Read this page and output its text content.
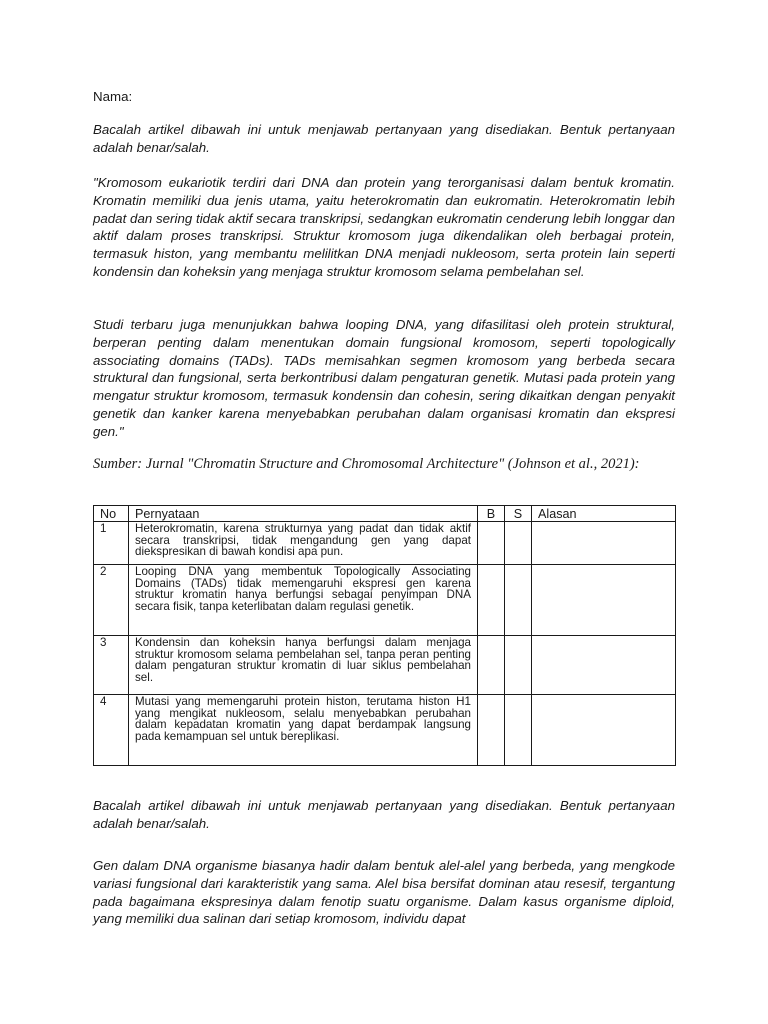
Nama:
Bacalah artikel dibawah ini untuk menjawab pertanyaan yang disediakan. Bentuk pertanyaan adalah benar/salah.
"Kromosom eukariotik terdiri dari DNA dan protein yang terorganisasi dalam bentuk kromatin. Kromatin memiliki dua jenis utama, yaitu heterokromatin dan eukromatin. Heterokromatin lebih padat dan sering tidak aktif secara transkripsi, sedangkan eukromatin cenderung lebih longgar dan aktif dalam proses transkripsi. Struktur kromosom juga dikendalikan oleh berbagai protein, termasuk histon, yang membantu melilitkan DNA menjadi nukleosom, serta protein lain seperti kondensin dan koheksin yang menjaga struktur kromosom selama pembelahan sel.
Studi terbaru juga menunjukkan bahwa looping DNA, yang difasilitasi oleh protein struktural, berperan penting dalam menentukan domain fungsional kromosom, seperti topologically associating domains (TADs). TADs memisahkan segmen kromosom yang berbeda secara struktural dan fungsional, serta berkontribusi dalam pengaturan genetik. Mutasi pada protein yang mengatur struktur kromosom, termasuk kondensin dan cohesin, sering dikaitkan dengan penyakit genetik dan kanker karena menyebabkan perubahan dalam organisasi kromatin dan ekspresi gen."
Sumber: Jurnal "Chromatin Structure and Chromosomal Architecture" (Johnson et al., 2021):
No	Pernyataan	B	S	Alasan
1	Heterokromatin, karena strukturnya yang padat dan tidak aktif secara transkripsi, tidak mengandung gen yang dapat diekspresikan di bawah kondisi apa pun.			
2	Looping DNA yang membentuk Topologically Associating Domains (TADs) tidak memengaruhi ekspresi gen karena struktur kromatin hanya berfungsi sebagai penyimpan DNA secara fisik, tanpa keterlibatan dalam regulasi genetik.			
3	Kondensin dan koheksin hanya berfungsi dalam menjaga struktur kromosom selama pembelahan sel, tanpa peran penting dalam pengaturan struktur kromatin di luar siklus pembelahan sel.			
4	Mutasi yang memengaruhi protein histon, terutama histon H1 yang mengikat nukleosom, selalu menyebabkan perubahan dalam kepadatan kromatin yang dapat berdampak langsung pada kemampuan sel untuk bereplikasi.			
Bacalah artikel dibawah ini untuk menjawab pertanyaan yang disediakan. Bentuk pertanyaan adalah benar/salah.
Gen dalam DNA organisme biasanya hadir dalam bentuk alel-alel yang berbeda, yang mengkode variasi fungsional dari karakteristik yang sama. Alel bisa bersifat dominan atau resesif, tergantung pada bagaimana ekspresinya dalam fenotip suatu organisme. Dalam kasus organisme diploid, yang memiliki dua salinan dari setiap kromosom, individu dapat
